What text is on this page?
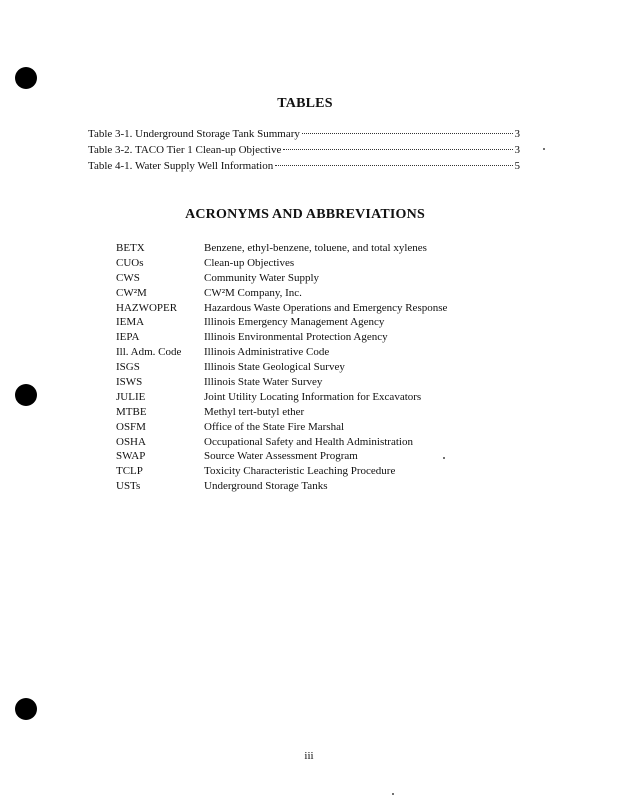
TABLES
Table 3-1. Underground Storage Tank Summary	3
Table 3-2. TACO Tier 1 Clean-up Objective	3
Table 4-1. Water Supply Well Information	5
ACRONYMS AND ABBREVIATIONS
BETX	Benzene, ethyl-benzene, toluene, and total xylenes
CUOs	Clean-up Objectives
CWS	Community Water Supply
CW²M	CW²M Company, Inc.
HAZWOPER	Hazardous Waste Operations and Emergency Response
IEMA	Illinois Emergency Management Agency
IEPA	Illinois Environmental Protection Agency
Ill. Adm. Code	Illinois Administrative Code
ISGS	Illinois State Geological Survey
ISWS	Illinois State Water Survey
JULIE	Joint Utility Locating Information for Excavators
MTBE	Methyl tert-butyl ether
OSFM	Office of the State Fire Marshal
OSHA	Occupational Safety and Health Administration
SWAP	Source Water Assessment Program
TCLP	Toxicity Characteristic Leaching Procedure
USTs	Underground Storage Tanks
iii
